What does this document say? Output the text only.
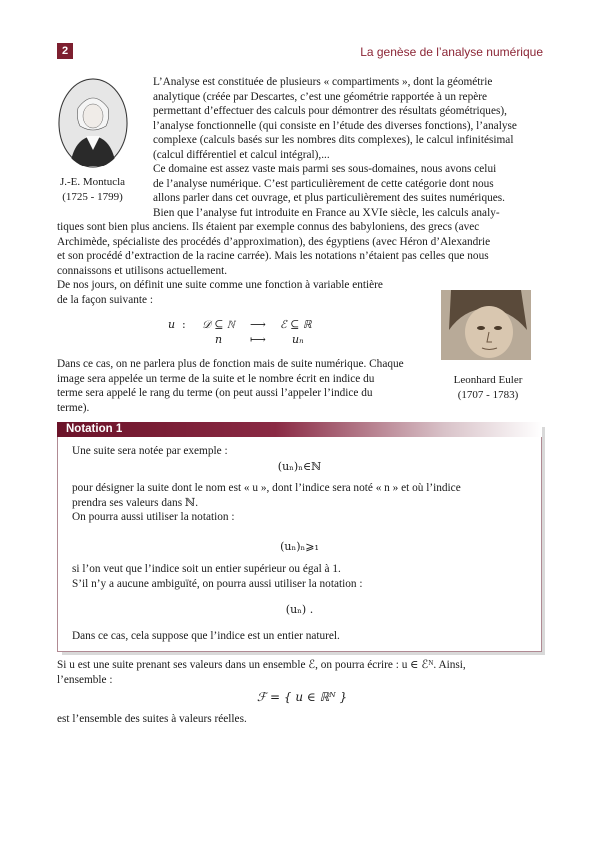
2	La genèse de l’analyse numérique
J.-E. Montucla
(1725 - 1799)
L’Analyse est constituée de plusieurs « compartiments », dont la géométrie
analytique (créée par Descartes, c’est une géométrie rapportée à un repère
permettant d’effectuer des calculs pour démontrer des résultats géométriques),
l’analyse fonctionnelle (qui consiste en l’étude des diverses fonctions), l’analyse
complexe (calculs basés sur les nombres dits complexes), le calcul infinitésimal
(calcul différentiel et calcul intégral),...
Ce domaine est assez vaste mais parmi ses sous-domaines, nous avons celui
de l’analyse numérique. C’est particulièrement de cette catégorie dont nous
allons parler dans cet ouvrage, et plus particulièrement des suites numériques.
Bien que l’analyse fut introduite en France au XVIe siècle, les calculs analy-
tiques sont bien plus anciens. Ils étaient par exemple connus des babyloniens, des grecs (avec
Archimède, spécialiste des procédés d’approximation), des égyptiens (avec Héron d’Alexandrie
et son procédé d’extraction de la racine carrée). Mais les notations n’étaient pas celles que nous
connaissons et utilisons actuellement.
De nos jours, on définit une suite comme une fonction à variable entière
de la façon suivante :
Leonhard Euler
(1707 - 1783)
u : 𝒟 ⊆ ℕ ⟶ ℰ ⊆ ℝ
n	⟼ uₙ
Dans ce cas, on ne parlera plus de fonction mais de suite numérique. Chaque
image sera appelée un terme de la suite et le nombre écrit en indice du
terme sera appelé le rang du terme (on peut aussi l’appeler l’indice du
terme).
Notation 1
Une suite sera notée par exemple :
(uₙ)ₙ∈ℕ
pour désigner la suite dont le nom est « u », dont l’indice sera noté « n » et où l’indice
prendra ses valeurs dans ℕ.
On pourra aussi utiliser la notation :
(uₙ)ₙ⩾₁
si l’on veut que l’indice soit un entier supérieur ou égal à 1.
S’il n’y a aucune ambiguïté, on pourra aussi utiliser la notation :
(uₙ) .
Dans ce cas, cela suppose que l’indice est un entier naturel.
Si u est une suite prenant ses valeurs dans un ensemble ℰ, on pourra écrire : u ∈ ℰᴺ. Ainsi,
l’ensemble :
ℱ = { u ∈ ℝᴺ }
est l’ensemble des suites à valeurs réelles.
